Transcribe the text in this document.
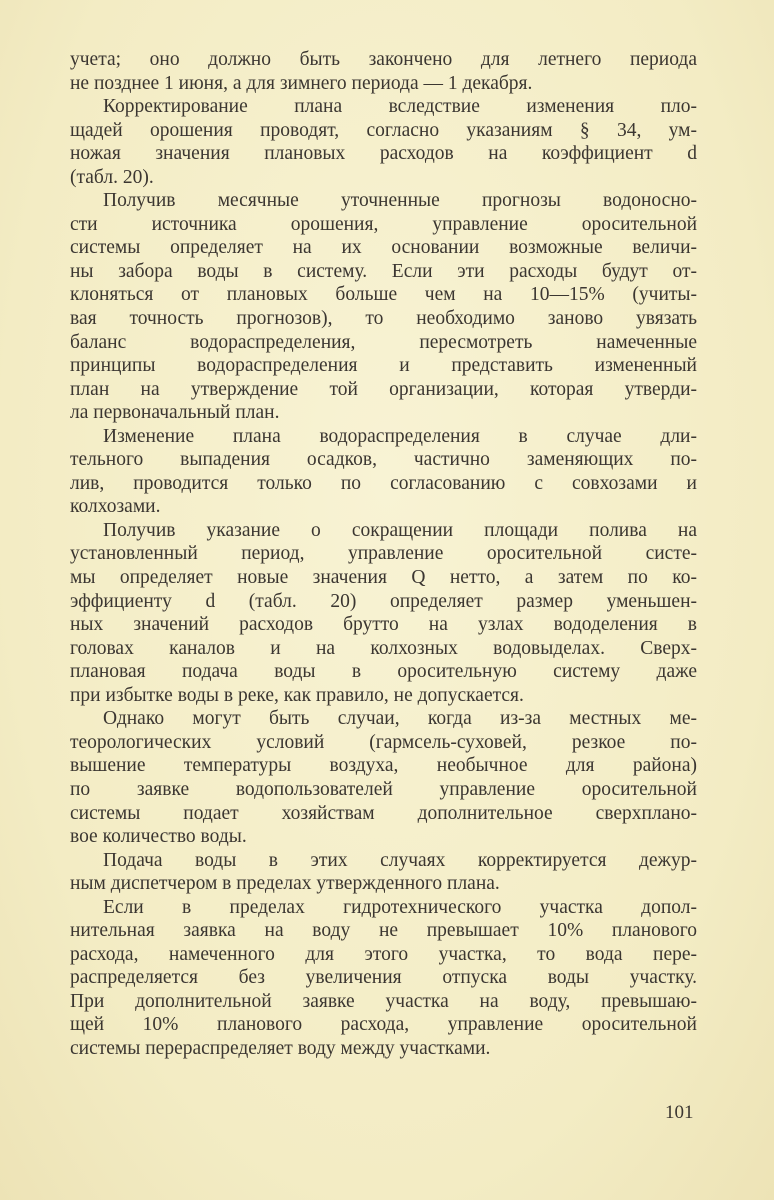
учета; оно должно быть закончено для летнего периода
не позднее 1 июня, а для зимнего периода — 1 декабря.
Корректирование плана вследствие изменения пло-
щадей орошения проводят, согласно указаниям § 34, ум-
ножая значения плановых расходов на коэффициент d
(табл. 20).
Получив месячные уточненные прогнозы водоносно-
сти источника орошения, управление оросительной
системы определяет на их основании возможные величи-
ны забора воды в систему. Если эти расходы будут от-
клоняться от плановых больше чем на 10—15% (учиты-
вая точность прогнозов), то необходимо заново увязать
баланс водораспределения, пересмотреть намеченные
принципы водораспределения и представить измененный
план на утверждение той организации, которая утверди-
ла первоначальный план.
Изменение плана водораспределения в случае дли-
тельного выпадения осадков, частично заменяющих по-
лив, проводится только по согласованию с совхозами и
колхозами.
Получив указание о сокращении площади полива на
установленный период, управление оросительной систе-
мы определяет новые значения Q нетто, а затем по ко-
эффициенту d (табл. 20) определяет размер уменьшен-
ных значений расходов брутто на узлах вододеления в
головах каналов и на колхозных водовыделах. Сверх-
плановая подача воды в оросительную систему даже
при избытке воды в реке, как правило, не допускается.
Однако могут быть случаи, когда из-за местных ме-
теорологических условий (гармсель-суховей, резкое по-
вышение температуры воздуха, необычное для района)
по заявке водопользователей управление оросительной
системы подает хозяйствам дополнительное сверхплано-
вое количество воды.
Подача воды в этих случаях корректируется дежур-
ным диспетчером в пределах утвержденного плана.
Если в пределах гидротехнического участка допол-
нительная заявка на воду не превышает 10% планового
расхода, намеченного для этого участка, то вода пере-
распределяется без увеличения отпуска воды участку.
При дополнительной заявке участка на воду, превышаю-
щей 10% планового расхода, управление оросительной
системы перераспределяет воду между участками.
101
